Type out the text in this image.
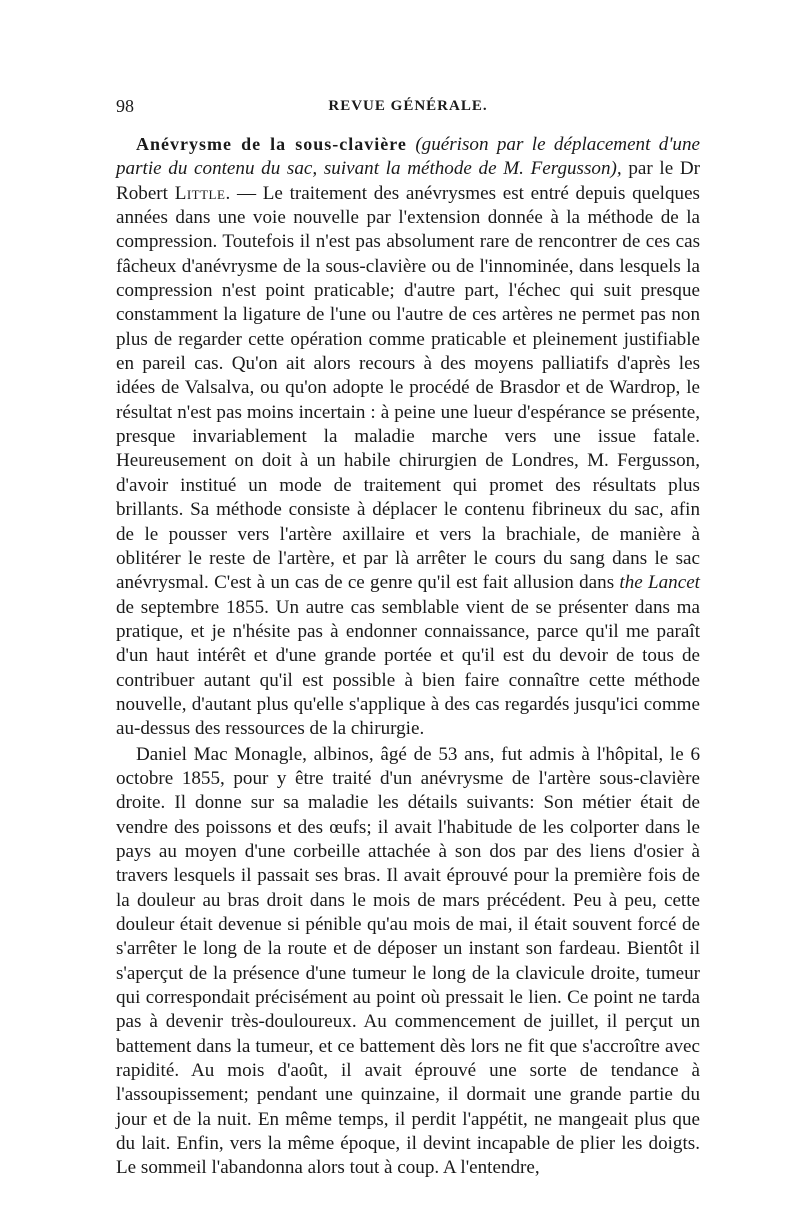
98	REVUE GÉNÉRALE.

Anévrysme de la sous-clavière (guérison par le déplacement d'une partie du contenu du sac, suivant la méthode de M. Fergusson), par le Dr Robert Little. — Le traitement des anévrysmes est entré depuis quelques années dans une voie nouvelle par l'extension donnée à la méthode de la compression. Toutefois il n'est pas absolument rare de rencontrer de ces cas fâcheux d'anévrysme de la sous-clavière ou de l'innominée, dans lesquels la compression n'est point praticable; d'autre part, l'échec qui suit presque constamment la ligature de l'une ou l'autre de ces artères ne permet pas non plus de regarder cette opération comme praticable et pleinement justifiable en pareil cas. Qu'on ait alors recours à des moyens palliatifs d'après les idées de Valsalva, ou qu'on adopte le procédé de Brasdor et de Wardrop, le résultat n'est pas moins incertain : à peine une lueur d'espérance se présente, presque invariablement la maladie marche vers une issue fatale. Heureusement on doit à un habile chirurgien de Londres, M. Fergusson, d'avoir institué un mode de traitement qui promet des résultats plus brillants. Sa méthode consiste à déplacer le contenu fibrineux du sac, afin de le pousser vers l'artère axillaire et vers la brachiale, de manière à oblitérer le reste de l'artère, et par là arrêter le cours du sang dans le sac anévrysmal. C'est à un cas de ce genre qu'il est fait allusion dans the Lancet de septembre 1855. Un autre cas semblable vient de se présenter dans ma pratique, et je n'hésite pas à endonner connaissance, parce qu'il me paraît d'un haut intérêt et d'une grande portée et qu'il est du devoir de tous de contribuer autant qu'il est possible à bien faire connaître cette méthode nouvelle, d'autant plus qu'elle s'applique à des cas regardés jusqu'ici comme au-dessus des ressources de la chirurgie.

Daniel Mac Monagle, albinos, âgé de 53 ans, fut admis à l'hôpital, le 6 octobre 1855, pour y être traité d'un anévrysme de l'artère sous-clavière droite. Il donne sur sa maladie les détails suivants: Son métier était de vendre des poissons et des œufs; il avait l'habitude de les colporter dans le pays au moyen d'une corbeille attachée à son dos par des liens d'osier à travers lesquels il passait ses bras. Il avait éprouvé pour la première fois de la douleur au bras droit dans le mois de mars précédent. Peu à peu, cette douleur était devenue si pénible qu'au mois de mai, il était souvent forcé de s'arrêter le long de la route et de déposer un instant son fardeau. Bientôt il s'aperçut de la présence d'une tumeur le long de la clavicule droite, tumeur qui correspondait précisément au point où pressait le lien. Ce point ne tarda pas à devenir très-douloureux. Au commencement de juillet, il perçut un battement dans la tumeur, et ce battement dès lors ne fit que s'accroître avec rapidité. Au mois d'août, il avait éprouvé une sorte de tendance à l'assoupissement; pendant une quinzaine, il dormait une grande partie du jour et de la nuit. En même temps, il perdit l'appétit, ne mangeait plus que du lait. Enfin, vers la même époque, il devint incapable de plier les doigts. Le sommeil l'abandonna alors tout à coup. A l'entendre,
